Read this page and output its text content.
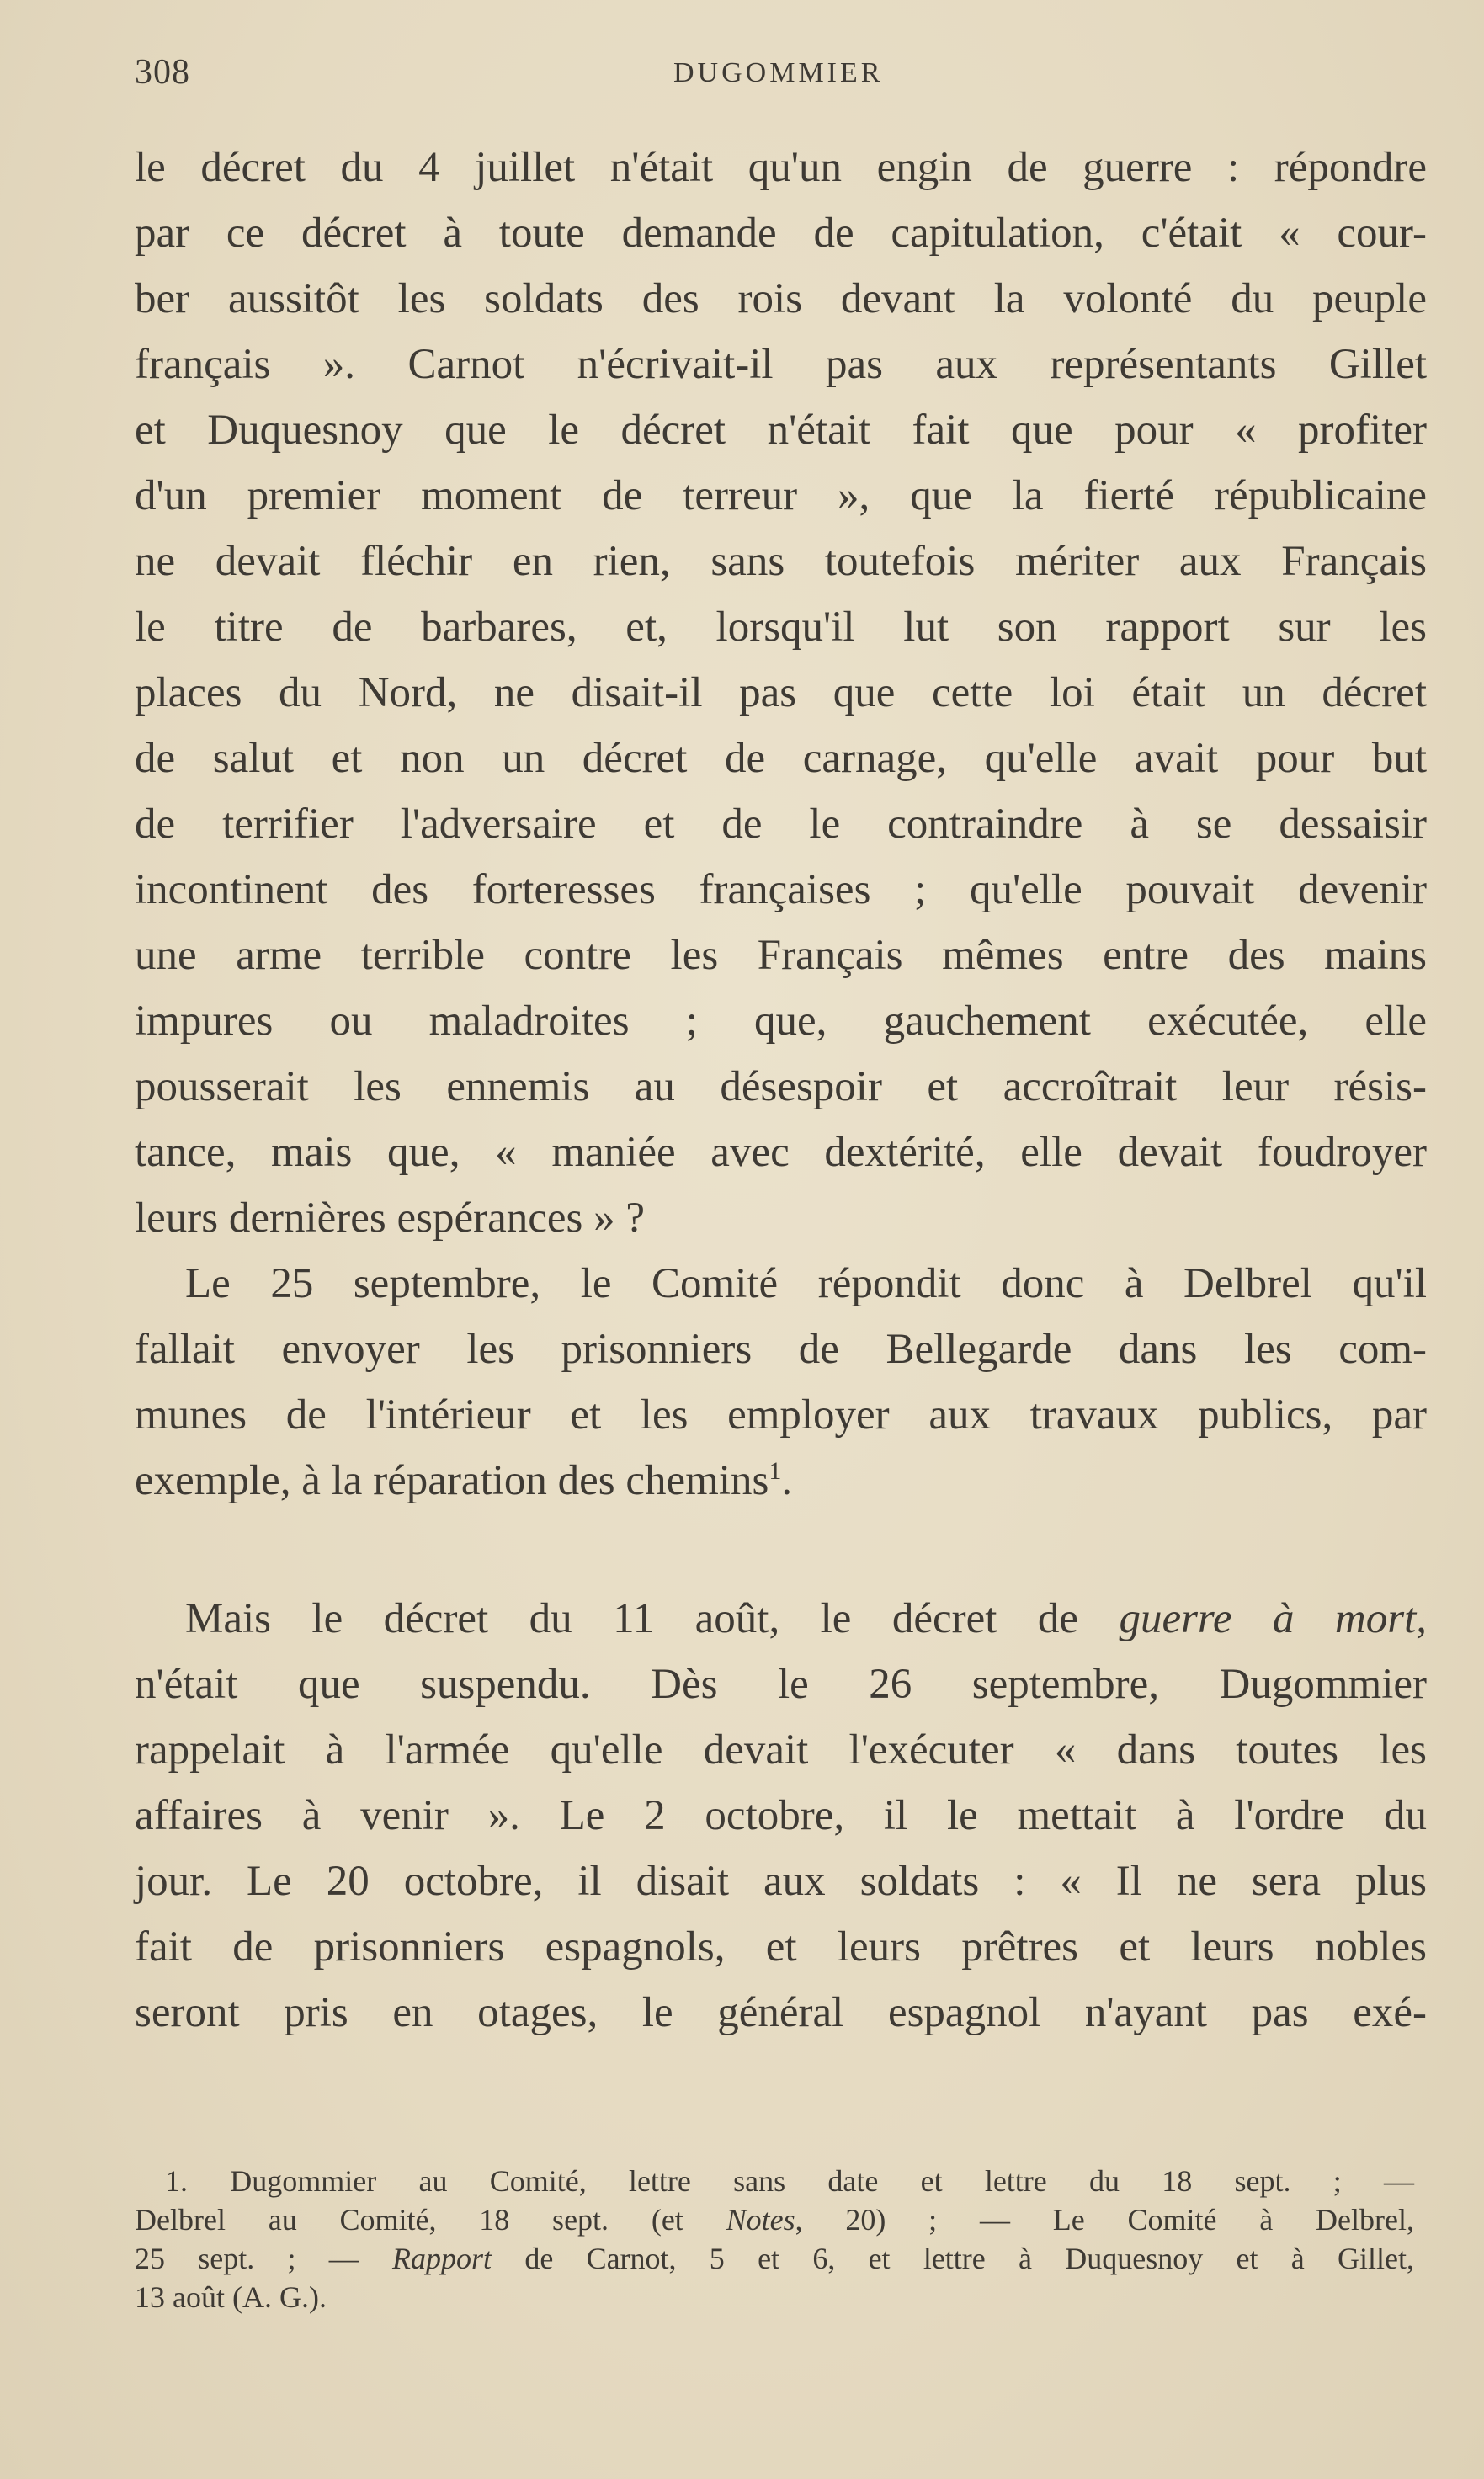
308	DUGOMMIER
le décret du 4 juillet n'était qu'un engin de guerre : répondre
par ce décret à toute demande de capitulation, c'était « cour-
ber aussitôt les soldats des rois devant la volonté du peuple
français ». Carnot n'écrivait-il pas aux représentants Gillet
et Duquesnoy que le décret n'était fait que pour « profiter
d'un premier moment de terreur », que la fierté républicaine
ne devait fléchir en rien, sans toutefois mériter aux Français
le titre de barbares, et, lorsqu'il lut son rapport sur les
places du Nord, ne disait-il pas que cette loi était un décret
de salut et non un décret de carnage, qu'elle avait pour but
de terrifier l'adversaire et de le contraindre à se dessaisir
incontinent des forteresses françaises ; qu'elle pouvait devenir
une arme terrible contre les Français mêmes entre des mains
impures ou maladroites ; que, gauchement exécutée, elle
pousserait les ennemis au désespoir et accroîtrait leur résis-
tance, mais que, « maniée avec dextérité, elle devait foudroyer
leurs dernières espérances » ?
Le 25 septembre, le Comité répondit donc à Delbrel qu'il
fallait envoyer les prisonniers de Bellegarde dans les com-
munes de l'intérieur et les employer aux travaux publics, par
exemple, à la réparation des chemins$^1$.
Mais le décret du 11 août, le décret de guerre à mort,
n'était que suspendu. Dès le 26 septembre, Dugommier
rappelait à l'armée qu'elle devait l'exécuter « dans toutes les
affaires à venir ». Le 2 octobre, il le mettait à l'ordre du
jour. Le 20 octobre, il disait aux soldats : « Il ne sera plus
fait de prisonniers espagnols, et leurs prêtres et leurs nobles
seront pris en otages, le général espagnol n'ayant pas exé-
1. Dugommier au Comité, lettre sans date et lettre du 18 sept. ; —
Delbrel au Comité, 18 sept. (et Notes, 20) ; — Le Comité à Delbrel,
25 sept. ; — Rapport de Carnot, 5 et 6, et lettre à Duquesnoy et à Gillet,
13 août (A. G.).
